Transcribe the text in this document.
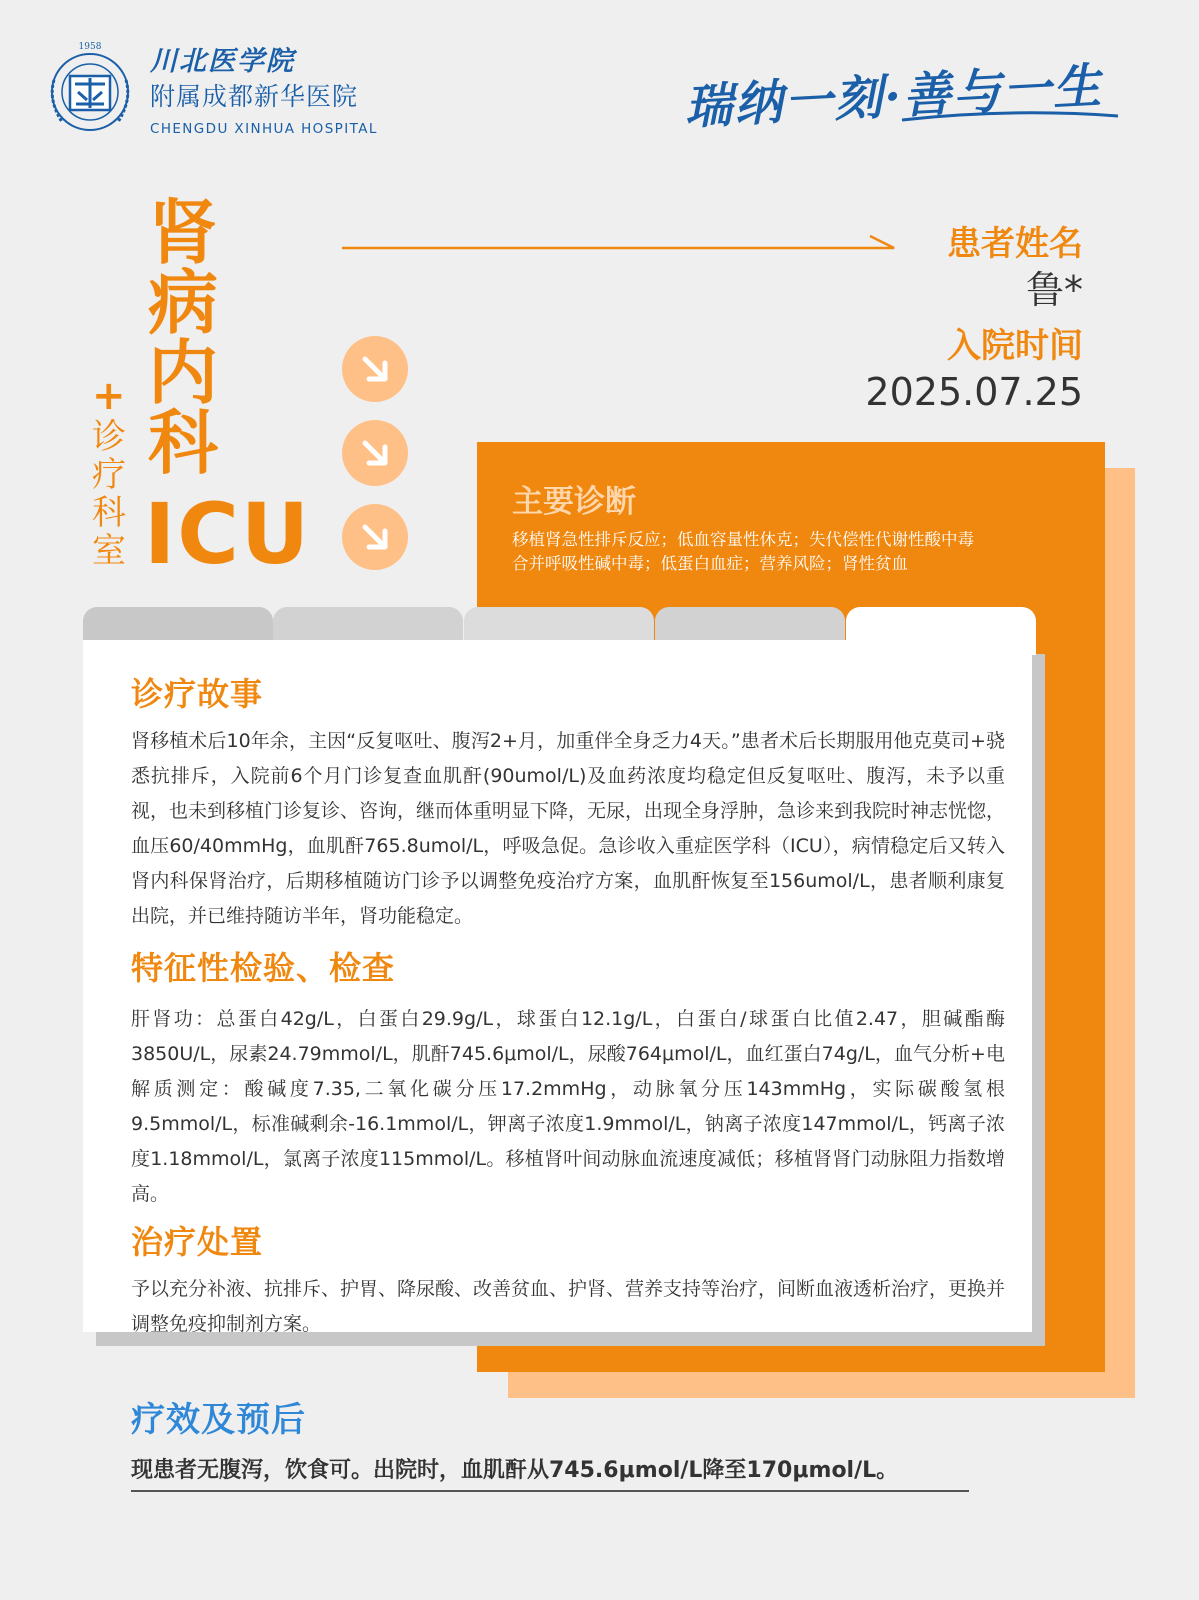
1958 川北医学院
附属成都新华医院
CHENGDU XINHUA HOSPITAL	瑞纳一刻·善与一生
+
诊疗科室
肾病内科
ICU
患者姓名
鲁*
入院时间
2025.07.25
主要诊断
移植肾急性排斥反应；低血容量性休克；失代偿性代谢性酸中毒
合并呼吸性碱中毒；低蛋白血症；营养风险；肾性贫血
诊疗故事
肾移植术后10年余，主因“反复呕吐、腹泻2+月，加重伴全身乏力4天。”患者术后长期服用他克莫司+骁悉抗排斥，入院前6个月门诊复查血肌酐(90umol/L)及血药浓度均稳定但反复呕吐、腹泻，未予以重视，也未到移植门诊复诊、咨询，继而体重明显下降，无尿，出现全身浮肿，急诊来到我院时神志恍惚，血压60/40mmHg，血肌酐765.8umol/L，呼吸急促。急诊收入重症医学科（ICU），病情稳定后又转入肾内科保肾治疗，后期移植随访门诊予以调整免疫治疗方案，血肌酐恢复至156umol/L，患者顺利康复出院，并已维持随访半年，肾功能稳定。
特征性检验、检查
肝肾功：总蛋白42g/L，白蛋白29.9g/L，球蛋白12.1g/L，白蛋白/球蛋白比值2.47，胆碱酯酶3850U/L，尿素24.79mmol/L，肌酐745.6μmol/L，尿酸764μmol/L，血红蛋白74g/L，血气分析+电解质测定：酸碱度7.35,二氧化碳分压17.2mmHg，动脉氧分压143mmHg，实际碳酸氢根9.5mmol/L，标准碱剩余-16.1mmol/L，钾离子浓度1.9mmol/L，钠离子浓度147mmol/L，钙离子浓度1.18mmol/L，氯离子浓度115mmol/L。移植肾叶间动脉血流速度减低；移植肾肾门动脉阻力指数增高。
治疗处置
予以充分补液、抗排斥、护胃、降尿酸、改善贫血、护肾、营养支持等治疗，间断血液透析治疗，更换并调整免疫抑制剂方案。
疗效及预后
现患者无腹泻，饮食可。出院时，血肌酐从745.6μmol/L降至170μmol/L。
